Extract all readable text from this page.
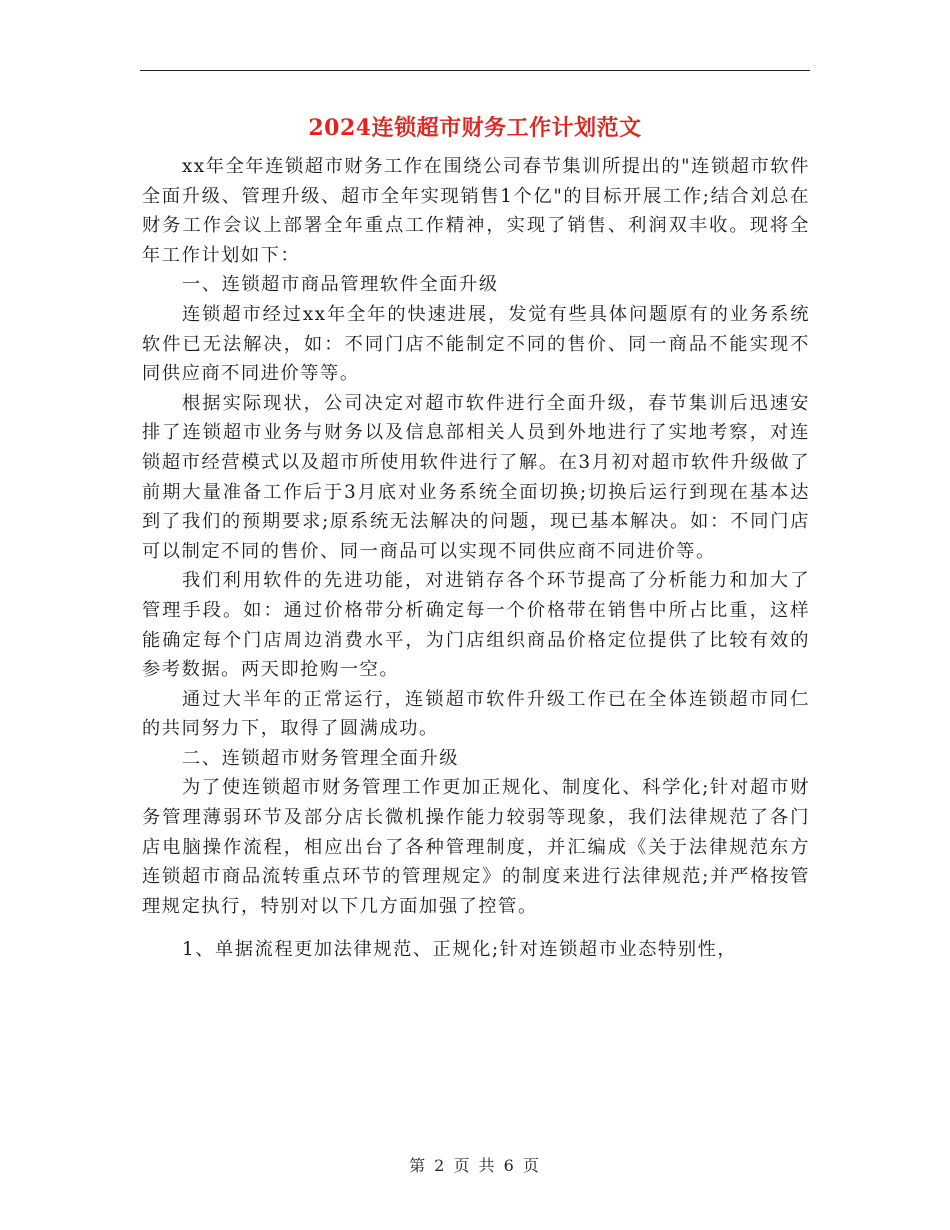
2024连锁超市财务工作计划范文

xx年全年连锁超市财务工作在围绕公司春节集训所提出的"连锁超市软件全面升级、管理升级、超市全年实现销售1个亿"的目标开展工作;结合刘总在财务工作会议上部署全年重点工作精神，实现了销售、利润双丰收。现将全年工作计划如下：

一、连锁超市商品管理软件全面升级

连锁超市经过xx年全年的快速进展，发觉有些具体问题原有的业务系统软件已无法解决，如：不同门店不能制定不同的售价、同一商品不能实现不同供应商不同进价等等。

根据实际现状，公司决定对超市软件进行全面升级，春节集训后迅速安排了连锁超市业务与财务以及信息部相关人员到外地进行了实地考察，对连锁超市经营模式以及超市所使用软件进行了解。在3月初对超市软件升级做了前期大量准备工作后于3月底对业务系统全面切换;切换后运行到现在基本达到了我们的预期要求;原系统无法解决的问题，现已基本解决。如：不同门店可以制定不同的售价、同一商品可以实现不同供应商不同进价等。

我们利用软件的先进功能，对进销存各个环节提高了分析能力和加大了管理手段。如：通过价格带分析确定每一个价格带在销售中所占比重，这样能确定每个门店周边消费水平，为门店组织商品价格定位提供了比较有效的参考数据。两天即抢购一空。

通过大半年的正常运行，连锁超市软件升级工作已在全体连锁超市同仁的共同努力下，取得了圆满成功。

二、连锁超市财务管理全面升级

为了使连锁超市财务管理工作更加正规化、制度化、科学化;针对超市财务管理薄弱环节及部分店长微机操作能力较弱等现象，我们法律规范了各门店电脑操作流程，相应出台了各种管理制度，并汇编成《关于法律规范东方连锁超市商品流转重点环节的管理规定》的制度来进行法律规范;并严格按管理规定执行，特别对以下几方面加强了控管。

1、单据流程更加法律规范、正规化;针对连锁超市业态特别性，

第 2 页 共 6 页
